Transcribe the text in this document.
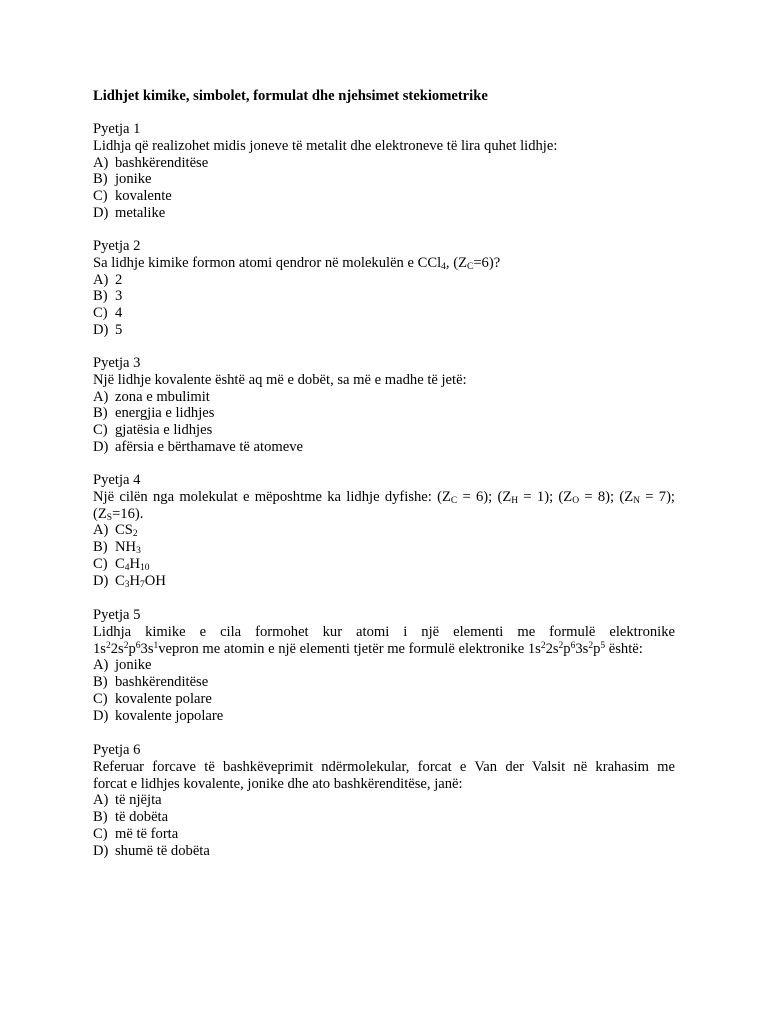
Lidhjet kimike, simbolet, formulat dhe njehsimet stekiometrike
Pyetja 1
Lidhja që realizohet midis joneve të metalit dhe elektroneve të lira quhet lidhje:
A) bashkërenditëse
B) jonike
C) kovalente
D) metalike
Pyetja 2
Sa lidhje kimike formon atomi qendror në molekulën e CCl$_4$, $(Z_C=6)$?
A) 2
B) 3
C) 4
D) 5
Pyetja 3
Një lidhje kovalente është aq më e dobët, sa më e madhe të jetë:
A) zona e mbulimit
B) energjia e lidhjes
C) gjatësia e lidhjes
D) afërsia e bërthamave të atomeve
Pyetja 4
Një cilën nga molekulat e mëposhtme ka lidhje dyfishe: $(Z_C = 6)$; $(Z_H = 1)$; $(Z_O = 8)$; $(Z_N = 7)$;
$(Z_S=16)$.
A) $CS_2$
B) $NH_3$
C) $C_4H_{10}$
D) $C_3H_7OH$
Pyetja 5
Lidhja kimike e cila formohet kur atomi i një elementi me formulë elektronike
$1s^22s^2p^63s^1vepron$ me atomin e një elementi tjetër me formulë elektronike $1s^22s^2p^63s^2p^5$ është:
A) jonike
B) bashkërenditëse
C) kovalente polare
D) kovalente jopolare
Pyetja 6
Referuar forcave të bashkëveprimit ndërmolekular, forcat e Van der Valsit në krahasim me
forcat e lidhjes kovalente, jonike dhe ato bashkërenditëse, janë:
A) të njëjta
B) të dobëta
C) më të forta
D) shumë të dobëta
